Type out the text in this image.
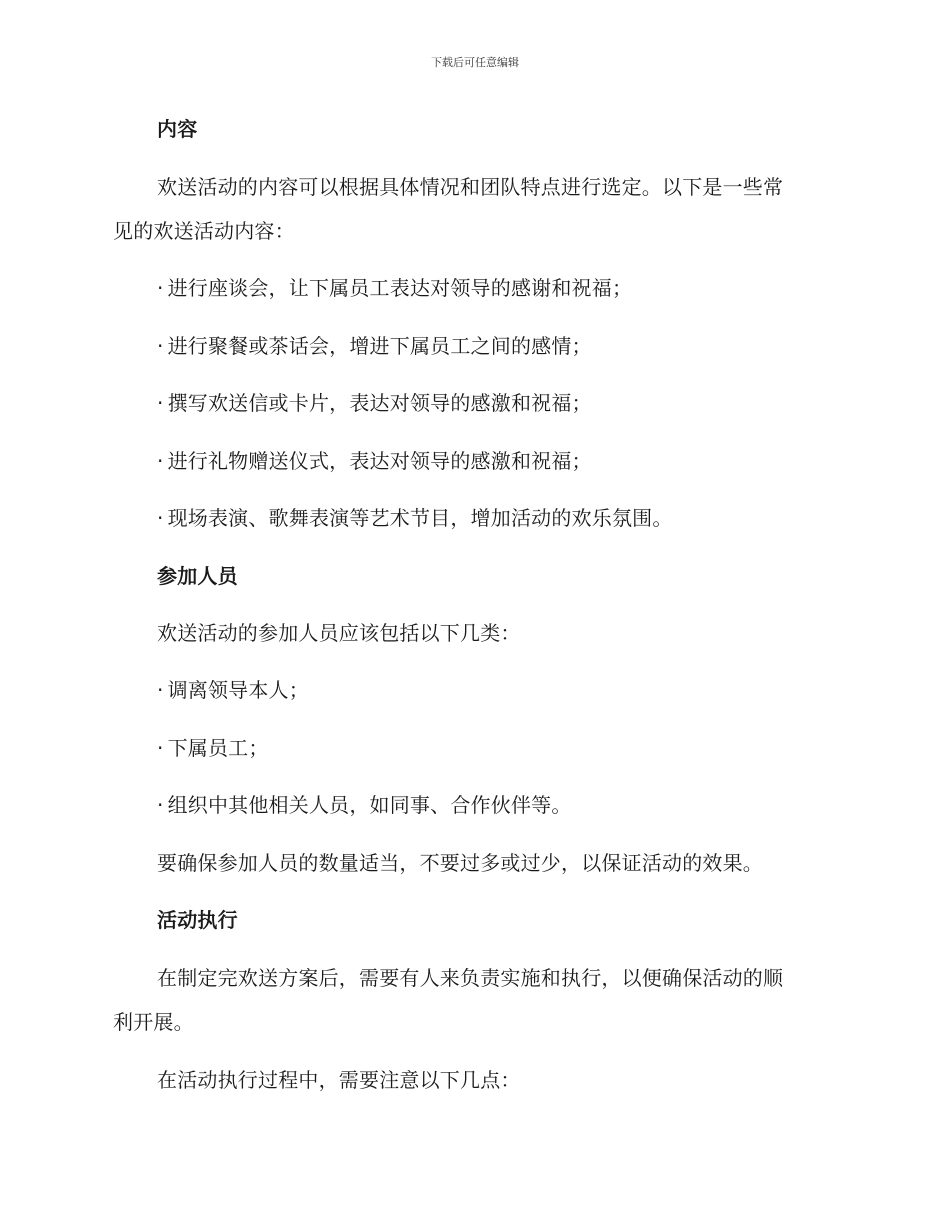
下载后可任意编辑
内容
欢送活动的内容可以根据具体情况和团队特点进行选定。以下是一些常
见的欢送活动内容：
· 进行座谈会，让下属员工表达对领导的感谢和祝福；
· 进行聚餐或茶话会，增进下属员工之间的感情；
· 撰写欢送信或卡片，表达对领导的感激和祝福；
· 进行礼物赠送仪式，表达对领导的感激和祝福；
· 现场表演、歌舞表演等艺术节目，增加活动的欢乐氛围。
参加人员
欢送活动的参加人员应该包括以下几类：
· 调离领导本人；
· 下属员工；
· 组织中其他相关人员，如同事、合作伙伴等。
要确保参加人员的数量适当，不要过多或过少，以保证活动的效果。
活动执行
在制定完欢送方案后，需要有人来负责实施和执行，以便确保活动的顺
利开展。
在活动执行过程中，需要注意以下几点：
